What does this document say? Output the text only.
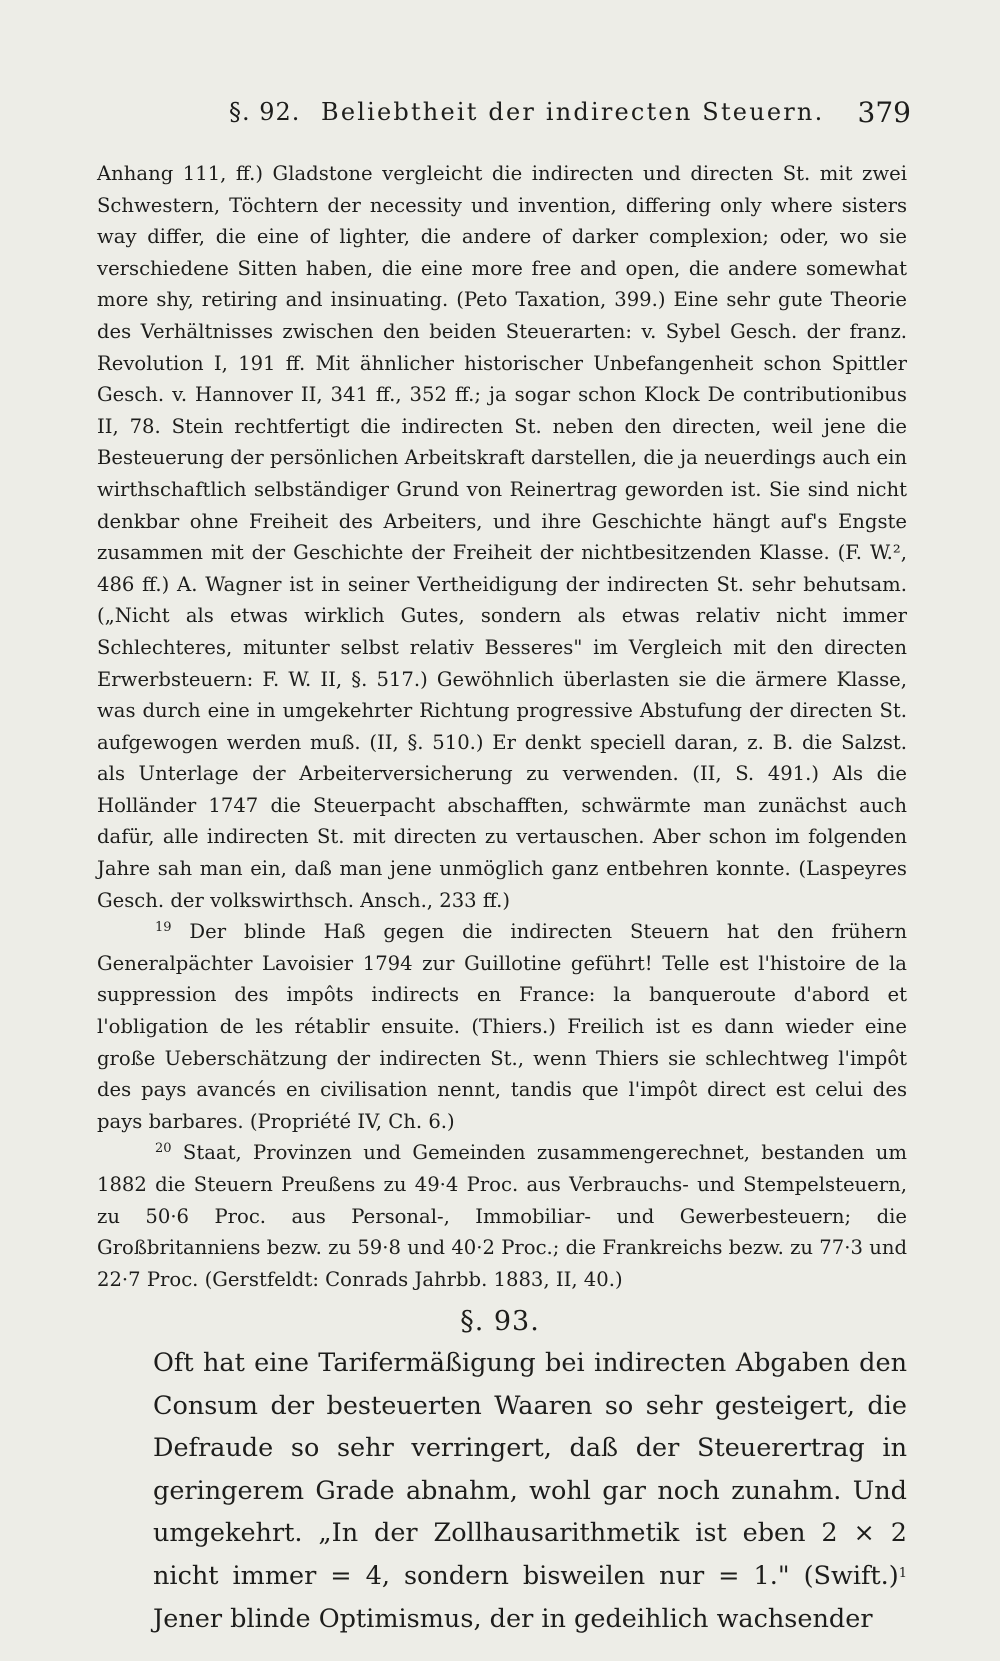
§. 92. Beliebtheit der indirecten Steuern. 379

Anhang 111, ff.) Gladstone vergleicht die indirecten und directen St. mit zwei Schwestern, Töchtern der necessity und invention, differing only where sisters way differ, die eine of lighter, die andere of darker complexion; oder, wo sie verschiedene Sitten haben, die eine more free and open, die andere somewhat more shy, retiring and insinuating. (Peto Taxation, 399.) Eine sehr gute Theorie des Verhältnisses zwischen den beiden Steuerarten: v. Sybel Gesch. der franz. Revolution I, 191 ff. Mit ähnlicher historischer Unbefangenheit schon Spittler Gesch. v. Hannover II, 341 ff., 352 ff.; ja sogar schon Klock De contributionibus II, 78. Stein rechtfertigt die indirecten St. neben den directen, weil jene die Besteuerung der persönlichen Arbeitskraft darstellen, die ja neuerdings auch ein wirthschaftlich selbständiger Grund von Reinertrag geworden ist. Sie sind nicht denkbar ohne Freiheit des Arbeiters, und ihre Geschichte hängt auf's Engste zusammen mit der Geschichte der Freiheit der nichtbesitzenden Klasse. (F. W.², 486 ff.) A. Wagner ist in seiner Vertheidigung der indirecten St. sehr behutsam. („Nicht als etwas wirklich Gutes, sondern als etwas relativ nicht immer Schlechteres, mitunter selbst relativ Besseres" im Vergleich mit den directen Erwerbsteuern: F. W. II, §. 517.) Gewöhnlich überlasten sie die ärmere Klasse, was durch eine in umgekehrter Richtung progressive Abstufung der directen St. aufgewogen werden muß. (II, §. 510.) Er denkt speciell daran, z. B. die Salzst. als Unterlage der Arbeiterversicherung zu verwenden. (II, S. 491.) Als die Holländer 1747 die Steuerpacht abschafften, schwärmte man zunächst auch dafür, alle indirecten St. mit directen zu vertauschen. Aber schon im folgenden Jahre sah man ein, daß man jene unmöglich ganz entbehren konnte. (Laspeyres Gesch. der volkswirthsch. Ansch., 233 ff.)

$^{19}$ Der blinde Haß gegen die indirecten Steuern hat den frühern Generalpächter Lavoisier 1794 zur Guillotine geführt! Telle est l'histoire de la suppression des impôts indirects en France: la banqueroute d'abord et l'obligation de les rétablir ensuite. (Thiers.) Freilich ist es dann wieder eine große Ueberschätzung der indirecten St., wenn Thiers sie schlechtweg l'impôt des pays avancés en civilisation nennt, tandis que l'impôt direct est celui des pays barbares. (Propriété IV, Ch. 6.)

$^{20}$ Staat, Provinzen und Gemeinden zusammengerechnet, bestanden um 1882 die Steuern Preußens zu 49·4 Proc. aus Verbrauchs- und Stempelsteuern, zu 50·6 Proc. aus Personal-, Immobiliar- und Gewerbesteuern; die Großbritanniens bezw. zu 59·8 und 40·2 Proc.; die Frankreichs bezw. zu 77·3 und 22·7 Proc. (Gerstfeldt: Conrads Jahrbb. 1883, II, 40.)

§. 93.

Oft hat eine Tarifermäßigung bei indirecten Abgaben den Consum der besteuerten Waaren so sehr gesteigert, die Defraude so sehr verringert, daß der Steuerertrag in geringerem Grade abnahm, wohl gar noch zunahm. Und umgekehrt. „In der Zollhausarithmetik ist eben 2 × 2 nicht immer = 4, sondern bisweilen nur = 1." (Swift.)$^1$ Jener blinde Optimismus, der in gedeihlich wachsender
